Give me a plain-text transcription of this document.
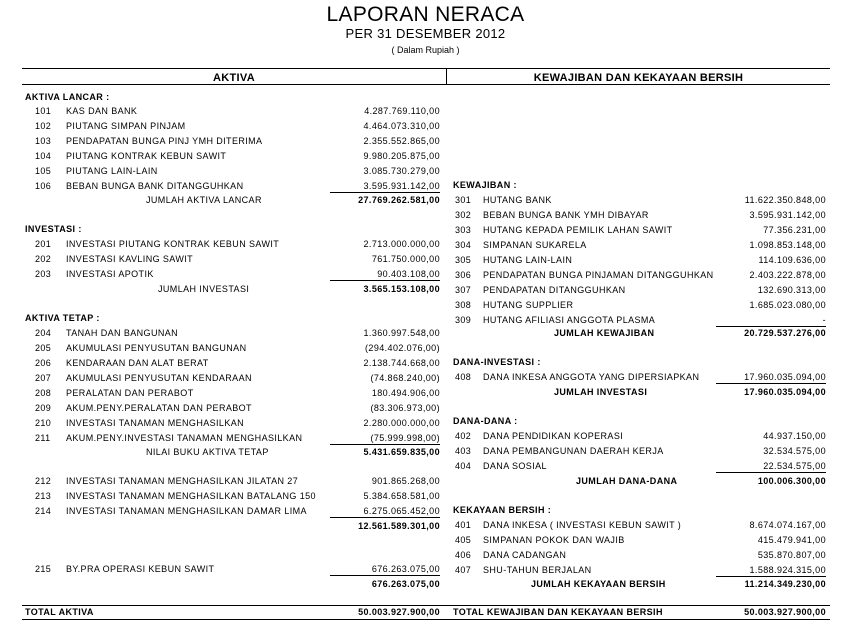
LAPORAN NERACA
PER 31 DESEMBER 2012
( Dalam Rupiah )
AKTIVA	KEWAJIBAN DAN KEKAYAAN BERSIH
AKTIVA LANCAR :
101 KAS DAN BANK	4.287.769.110,00
102 PIUTANG SIMPAN PINJAM	4.464.073.310,00
103 PENDAPATAN BUNGA PINJ YMH DITERIMA	2.355.552.865,00
104 PIUTANG KONTRAK KEBUN SAWIT	9.980.205.875,00
105 PIUTANG LAIN-LAIN	3.085.730.279,00
106 BEBAN BUNGA BANK DITANGGUHKAN	3.595.931.142,00
JUMLAH AKTIVA LANCAR	27.769.262.581,00
INVESTASI :
201 INVESTASI PIUTANG KONTRAK KEBUN SAWIT	2.713.000.000,00
202 INVESTASI KAVLING SAWIT	761.750.000,00
203 INVESTASI APOTIK	90.403.108,00
JUMLAH INVESTASI	3.565.153.108,00
AKTIVA TETAP :
204 TANAH DAN BANGUNAN	1.360.997.548,00
205 AKUMULASI PENYUSUTAN BANGUNAN	(294.402.076,00)
206 KENDARAAN DAN ALAT BERAT	2.138.744.668,00
207 AKUMULASI PENYUSUTAN KENDARAAN	(74.868.240,00)
208 PERALATAN DAN PERABOT	180.494.906,00
209 AKUM.PENY.PERALATAN DAN PERABOT	(83.306.973,00)
210 INVESTASI TANAMAN MENGHASILKAN	2.280.000.000,00
211 AKUM.PENY.INVESTASI TANAMAN MENGHASILKAN	(75.999.998,00)
NILAI BUKU AKTIVA TETAP	5.431.659.835,00
212 INVESTASI TANAMAN MENGHASILKAN JILATAN 27	901.865.268,00
213 INVESTASI TANAMAN MENGHASILKAN BATALANG 150	5.384.658.581,00
214 INVESTASI TANAMAN MENGHASILKAN DAMAR LIMA	6.275.065.452,00
12.561.589.301,00
215 BY.PRA OPERASI KEBUN SAWIT	676.263.075,00
676.263.075,00
TOTAL AKTIVA	50.003.927.900,00
KEWAJIBAN :
301 HUTANG BANK	11.622.350.848,00
302 BEBAN BUNGA BANK YMH DIBAYAR	3.595.931.142,00
303 HUTANG KEPADA PEMILIK LAHAN SAWIT	77.356.231,00
304 SIMPANAN SUKARELA	1.098.853.148,00
305 HUTANG LAIN-LAIN	114.109.636,00
306 PENDAPATAN BUNGA PINJAMAN DITANGGUHKAN	2.403.222.878,00
307 PENDAPATAN DITANGGUHKAN	132.690.313,00
308 HUTANG SUPPLIER	1.685.023.080,00
309 HUTANG AFILIASI ANGGOTA PLASMA	-
JUMLAH KEWAJIBAN	20.729.537.276,00
DANA-INVESTASI :
408 DANA INKESA ANGGOTA YANG DIPERSIAPKAN	17.960.035.094,00
JUMLAH INVESTASI	17.960.035.094,00
DANA-DANA :
402 DANA PENDIDIKAN KOPERASI	44.937.150,00
403 DANA PEMBANGUNAN DAERAH KERJA	32.534.575,00
404 DANA SOSIAL	22.534.575,00
JUMLAH DANA-DANA	100.006.300,00
KEKAYAAN BERSIH :
401 DANA INKESA ( INVESTASI KEBUN SAWIT )	8.674.074.167,00
405 SIMPANAN POKOK DAN WAJIB	415.479.941,00
406 DANA CADANGAN	535.870.807,00
407 SHU-TAHUN BERJALAN	1.588.924.315,00
JUMLAH KEKAYAAN BERSIH	11.214.349.230,00
TOTAL KEWAJIBAN DAN KEKAYAAN BERSIH	50.003.927.900,00
